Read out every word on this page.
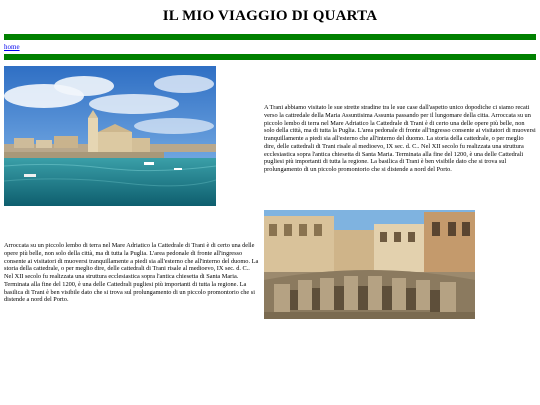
IL MIO VIAGGIO DI QUARTA
home

A Trani abbiamo visitato le sue strette stradine tra le sue case dall'aspetto unico dopodiche ci siamo recati verso la cattredale della Maria Assuntisima Assunta passando per il lungomare della citta. Arroccata su un piccolo lembo di terra nel Mare Adriatico la Cattedrale di Trani è di certo una delle opere più belle, non solo della città, ma di tutta la Puglia. L'area pedonale di fronte all'ingresso consente ai visitatori di muoversi tranquillamente a piedi sia all'esterno che all'interno del duomo. La storia della cattedrale, o per meglio dire, delle cattedrali di Trani risale al medioevo, IX sec. d. C.. Nel XII secolo fu realizzata una struttura ecclesiastica sopra l'antica chiesetta di Santa Maria. Terminata alla fine del 1200, è una delle Cattedrali pugliesi più importanti di tutta la regione. La basilica di Trani è ben visibile dato che si trova sul prolungamento di un piccolo promontorio che si distende a nord del Porto.

Arroccata su un piccolo lembo di terra nel Mare Adriatico la Cattedrale di Trani è di certo una delle opere più belle, non solo della città, ma di tutta la Puglia. L'area pedonale di fronte all'ingresso consente ai visitatori di muoversi tranquillamente a piedi sia all'esterno che all'interno del duomo. La storia della cattedrale, o per meglio dire, delle cattedrali di Trani risale al medioevo, IX sec. d. C.. Nel XII secolo fu realizzata una struttura ecclesiastica sopra l'antica chiesetta di Santa Maria. Terminata alla fine del 1200, è una delle Cattedrali pugliesi più importanti di tutta la regione. La basilica di Trani è ben visibile dato che si trova sul prolungamento di un piccolo promontorio che si distende a nord del Porto.
